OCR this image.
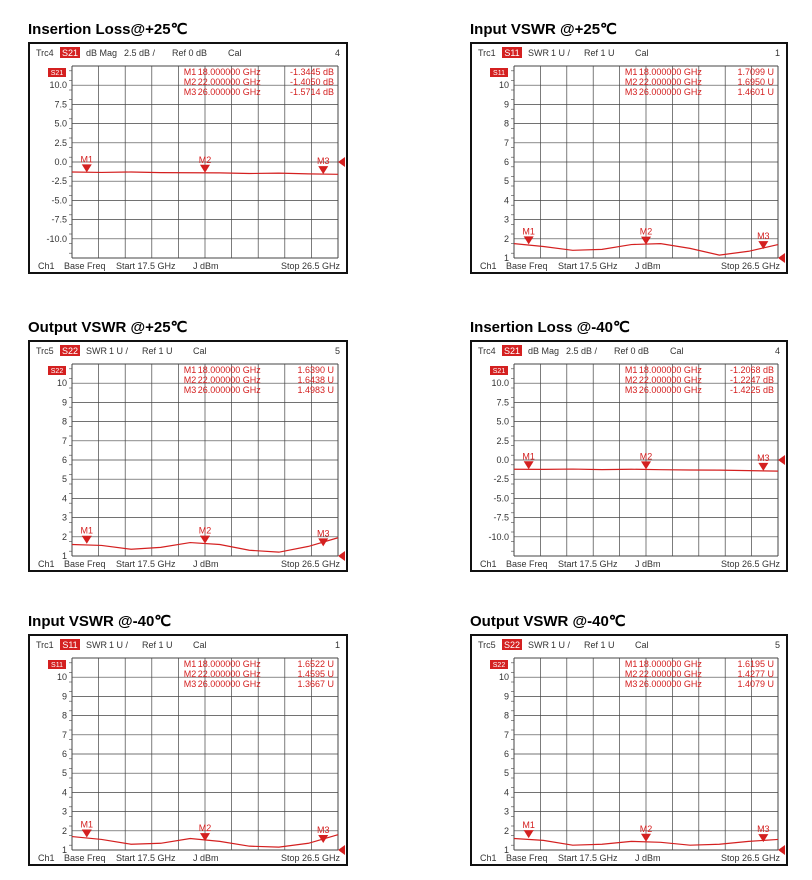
Insertion Loss@+25℃
Trc4 S21 dB Mag 2.5 dB / Ref 0 dB Cal	4
10.0
7.5
5.0
2.5
0.0
-2.5
-5.0
-7.5
-10.0
S21	M1 18.000000 GHz	-1.3445 dB
M2 22.000000 GHz	-1.4050 dB
M3 26.000000 GHz	-1.5714 dB
M1	M2	M3
Ch1 Base Freq Start 17.5 GHz J dBm	Stop 26.5 GHz
Input VSWR @+25℃
Trc1 S11 SWR 1 U / Ref 1 U Cal	1
10
9
8
7
6
5
4
3
2
1
S11	M1 18.000000 GHz	1.7099 U
M2 22.000000 GHz	1.6950 U
M3 26.000000 GHz	1.4601 U
M1	M2	M3
Ch1 Base Freq Start 17.5 GHz J dBm	Stop 26.5 GHz
Output VSWR @+25℃
Trc5 S22 SWR 1 U / Ref 1 U Cal	5
10
9
8
7
6
5
4
3
2
1
S22	M1 18.000000 GHz	1.6390 U
M2 22.000000 GHz	1.6438 U
M3 26.000000 GHz	1.4983 U
M1	M2	M3
Ch1 Base Freq Start 17.5 GHz J dBm	Stop 26.5 GHz
Insertion Loss @-40℃
Trc4 S21 dB Mag 2.5 dB / Ref 0 dB Cal	4
10.0
7.5
5.0
2.5
0.0
-2.5
-5.0
-7.5
-10.0
S21	M1 18.000000 GHz	-1.2068 dB
M2 22.000000 GHz	-1.2247 dB
M3 26.000000 GHz	-1.4225 dB
M1	M2	M3
Ch1 Base Freq Start 17.5 GHz J dBm	Stop 26.5 GHz
Input VSWR @-40℃
Trc1 S11 SWR 1 U / Ref 1 U Cal	1
10
9
8
7
6
5
4
3
2
1
S11	M1 18.000000 GHz	1.6522 U
M2 22.000000 GHz	1.4595 U
M3 26.000000 GHz	1.3667 U
M1	M2	M3
Ch1 Base Freq Start 17.5 GHz J dBm	Stop 26.5 GHz
Output VSWR @-40℃
Trc5 S22 SWR 1 U / Ref 1 U Cal	5
10
9
8
7
6
5
4
3
2
1
S22	M1 18.000000 GHz	1.6195 U
M2 22.000000 GHz	1.4277 U
M3 26.000000 GHz	1.4079 U
M1	M2	M3
Ch1 Base Freq Start 17.5 GHz J dBm	Stop 26.5 GHz
